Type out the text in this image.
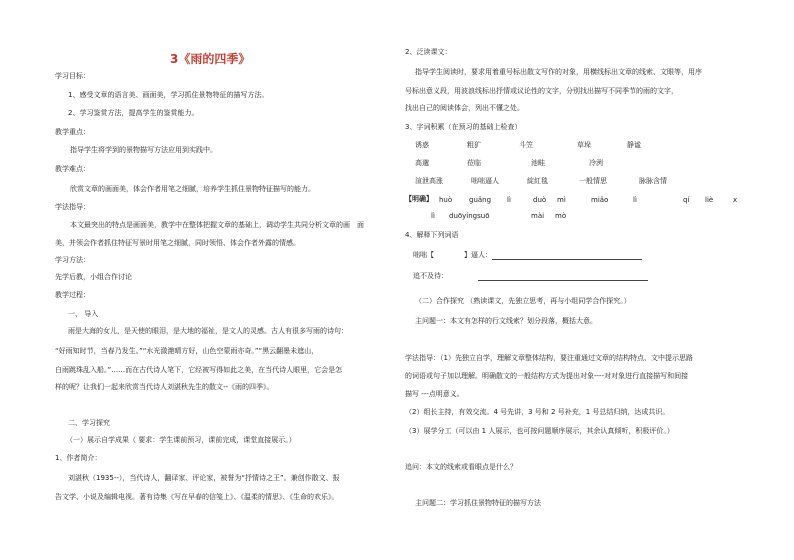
3《雨的四季》
学习目标：
1、感受文章的语言美、画面美，学习抓住景物特征的描写方法。
2、学习鉴赏方法，提高学生的鉴赏能力。
教学重点：
指导学生将学到的景物描写方法应用到实践中。
教学难点：
欣赏文章的画面美，体会作者用笔之细腻，培养学生抓住景物特征描写的能力。
学法指导：
本文最突出的特点是画面美，教学中在整体把握文章的基础上，调动学生共同分析文章的画　面
美，并领会作者抓住特征写景时用笔之细腻，同时领悟、体会作者外露的情感。
学习方法：
先学后教，小组合作讨论
教学过程：
一、 导入
雨是大海的女儿，是天使的眼泪，是大地的福祉，是文人的灵感。古人有很多写雨的诗句：
“好雨知时节，当春乃发生。”“水光潋滟晴方好，山色空蒙雨亦奇。”“黑云翻墨未遮山，
白雨跳珠乱入船。”……而在古代诗人笔下，它经被写得如此之美，在当代诗人眼里，它会是怎
样的呢？让我们一起来欣赏当代诗人刘湛秋先生的散文--《雨的四季》。
二、学习探究
（一）展示自学成果（ 要求：学生课前预习，课前完成，课堂直接展示。）
1、作者简介：
刘湛秋（1935--），当代诗人，翻译家、评论家，被誉为“抒情诗之王”。兼创作散文、报
告文学、小说及编辑电视。著有诗集《写在早春的信笺上》、《温柔的情思》、《生命的欢乐》。
2、泛读课文：
指导学生阅读时，要求用着重号标出散文写作的对象，用横线标出文章的线索、文眼等，用序
号标出意义段，用波浪线标出抒情或议论性的文字，分别找出描写不同季节的雨的文字，
找出自己的阅读体会，列出不懂之处。
3、字词积累（在预习的基础上检查）
诱惑	粗犷	斗笠	草垛	静谧
高邈	莅临	池畦	冷洌
渲泄高涨	咄咄逼人	綻紅毯	一般情思	脉脉含情
【明确】 huò guǎng lì	duò mì	miǎo	lì	qí liè	x
lì duōyíngsuō	mài mò
4、解释下列词语
咄咄【	】逼人：
追不及待：
（二）合作探究 （熟读课文，先独立思考，再与小组同学合作探究。）
主问题一：本文有怎样的行文线索？划分段落，概括大意。
学法指导：（1）先独立自学，理解文章整体结构，要注重通过文章的结构特点、文中提示思路
的词语或句子加以理解。明确散文的一般结构方式为提出对象----对对象进行直接描写和间接
描写 ---点明意义。
（2）组长主持，有效交流。4 号先讲，3 号和 2 号补充，1 号总结归纳，达成共识。
（3）展学分工（可以由 1 人展示，也可按问题顺序展示，其余认真倾听，积极评价。）
追问：本文的线索或看眼点是什么？
主问题二：学习抓住景物特征的描写方法
